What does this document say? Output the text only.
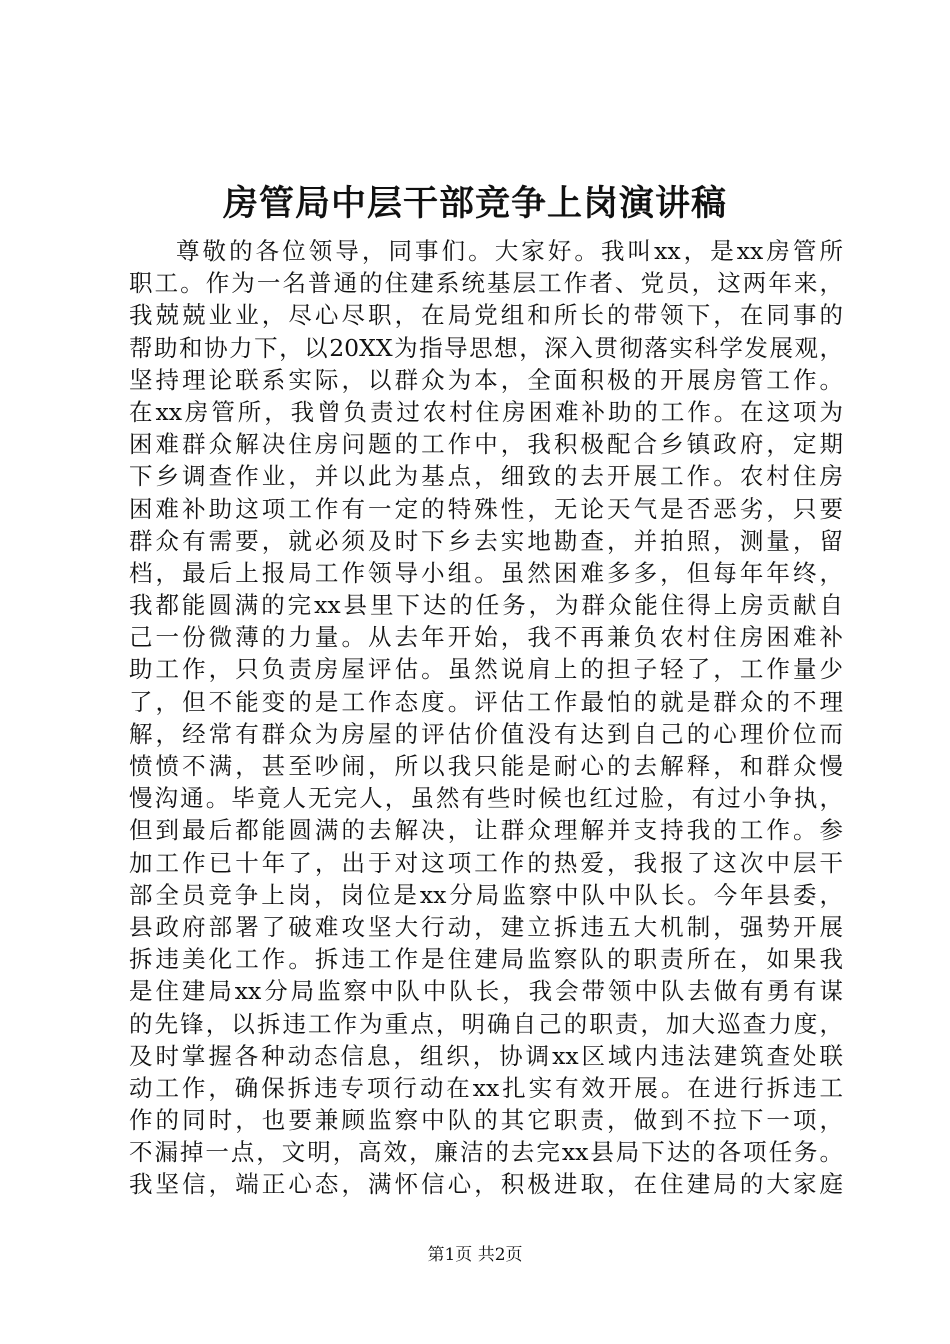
房管局中层干部竞争上岗演讲稿
尊敬的各位领导，同事们。大家好。我叫xx，是xx房管所
职工。作为一名普通的住建系统基层工作者、党员，这两年来，
我兢兢业业，尽心尽职，在局党组和所长的带领下，在同事的
帮助和协力下，以20XX为指导思想，深入贯彻落实科学发展观，
坚持理论联系实际，以群众为本，全面积极的开展房管工作。
在xx房管所，我曾负责过农村住房困难补助的工作。在这项为
困难群众解决住房问题的工作中，我积极配合乡镇政府，定期
下乡调查作业，并以此为基点，细致的去开展工作。农村住房
困难补助这项工作有一定的特殊性，无论天气是否恶劣，只要
群众有需要，就必须及时下乡去实地勘查，并拍照，测量，留
档，最后上报局工作领导小组。虽然困难多多，但每年年终，
我都能圆满的完xx县里下达的任务，为群众能住得上房贡献自
己一份微薄的力量。从去年开始，我不再兼负农村住房困难补
助工作，只负责房屋评估。虽然说肩上的担子轻了，工作量少
了，但不能变的是工作态度。评估工作最怕的就是群众的不理
解，经常有群众为房屋的评估价值没有达到自己的心理价位而
愤愤不满，甚至吵闹，所以我只能是耐心的去解释，和群众慢
慢沟通。毕竟人无完人，虽然有些时候也红过脸，有过小争执，
但到最后都能圆满的去解决，让群众理解并支持我的工作。参
加工作已十年了，出于对这项工作的热爱，我报了这次中层干
部全员竞争上岗，岗位是xx分局监察中队中队长。今年县委，
县政府部署了破难攻坚大行动，建立拆违五大机制，强势开展
拆违美化工作。拆违工作是住建局监察队的职责所在，如果我
是住建局xx分局监察中队中队长，我会带领中队去做有勇有谋
的先锋，以拆违工作为重点，明确自己的职责，加大巡查力度，
及时掌握各种动态信息，组织，协调xx区域内违法建筑查处联
动工作，确保拆违专项行动在xx扎实有效开展。在进行拆违工
作的同时，也要兼顾监察中队的其它职责，做到不拉下一项，
不漏掉一点，文明，高效，廉洁的去完xx县局下达的各项任务。
我坚信，端正心态，满怀信心，积极进取，在住建局的大家庭
第1页 共2页
